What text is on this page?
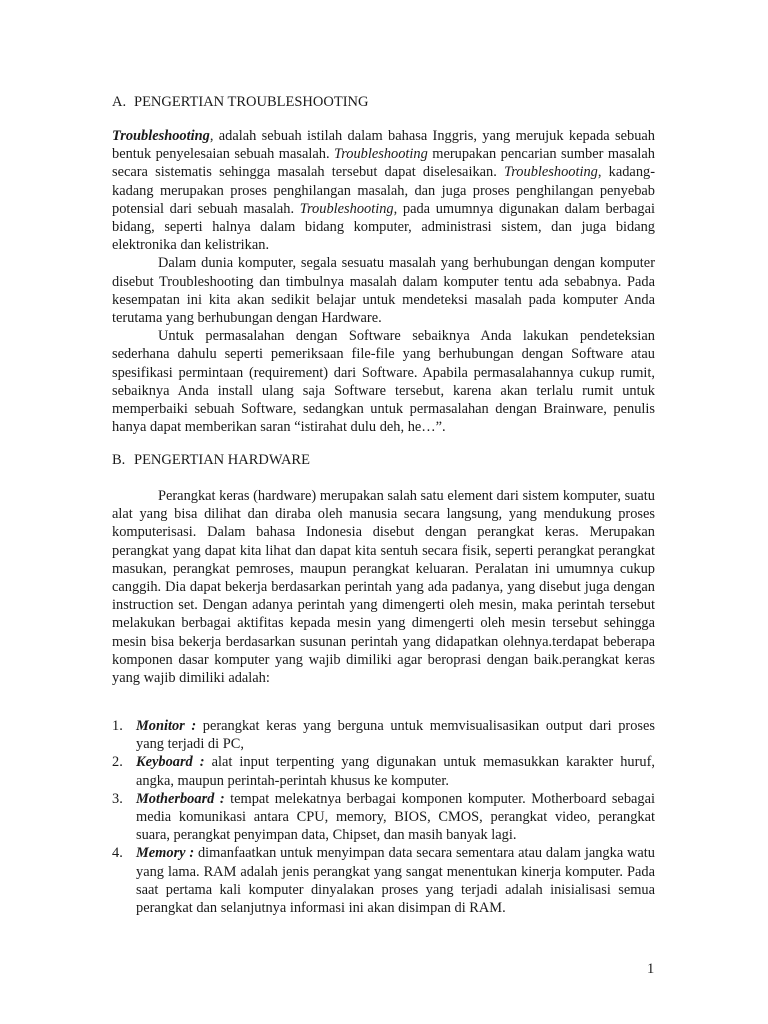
A. PENGERTIAN TROUBLESHOOTING

Troubleshooting, adalah sebuah istilah dalam bahasa Inggris, yang merujuk kepada sebuah bentuk penyelesaian sebuah masalah. Troubleshooting merupakan pencarian sumber masalah secara sistematis sehingga masalah tersebut dapat diselesaikan. Troubleshooting, kadang-kadang merupakan proses penghilangan masalah, dan juga proses penghilangan penyebab potensial dari sebuah masalah. Troubleshooting, pada umumnya digunakan dalam berbagai bidang, seperti halnya dalam bidang komputer, administrasi sistem, dan juga bidang elektronika dan kelistrikan.

Dalam dunia komputer, segala sesuatu masalah yang berhubungan dengan komputer disebut Troubleshooting dan timbulnya masalah dalam komputer tentu ada sebabnya. Pada kesempatan ini kita akan sedikit belajar untuk mendeteksi masalah pada komputer Anda terutama yang berhubungan dengan Hardware.

Untuk permasalahan dengan Software sebaiknya Anda lakukan pendeteksian sederhana dahulu seperti pemeriksaan file-file yang berhubungan dengan Software atau spesifikasi permintaan (requirement) dari Software. Apabila permasalahannya cukup rumit, sebaiknya Anda install ulang saja Software tersebut, karena akan terlalu rumit untuk memperbaiki sebuah Software, sedangkan untuk permasalahan dengan Brainware, penulis hanya dapat memberikan saran “istirahat dulu deh, he…”.

B. PENGERTIAN HARDWARE

Perangkat keras (hardware) merupakan salah satu element dari sistem komputer, suatu alat yang bisa dilihat dan diraba oleh manusia secara langsung, yang mendukung proses komputerisasi. Dalam bahasa Indonesia disebut dengan perangkat keras. Merupakan perangkat yang dapat kita lihat dan dapat kita sentuh secara fisik, seperti perangkat perangkat masukan, perangkat pemroses, maupun perangkat keluaran. Peralatan ini umumnya cukup canggih. Dia dapat bekerja berdasarkan perintah yang ada padanya, yang disebut juga dengan instruction set. Dengan adanya perintah yang dimengerti oleh mesin, maka perintah tersebut melakukan berbagai aktifitas kepada mesin yang dimengerti oleh mesin tersebut sehingga mesin bisa bekerja berdasarkan susunan perintah yang didapatkan olehnya.terdapat beberapa komponen dasar komputer yang wajib dimiliki agar beroprasi dengan baik.perangkat keras yang wajib dimiliki adalah:

1. Monitor : perangkat keras yang berguna untuk memvisualisasikan output dari proses yang terjadi di PC,
2. Keyboard : alat input terpenting yang digunakan untuk memasukkan karakter huruf, angka, maupun perintah-perintah khusus ke komputer.
3. Motherboard : tempat melekatnya berbagai komponen komputer. Motherboard sebagai media komunikasi antara CPU, memory, BIOS, CMOS, perangkat video, perangkat suara, perangkat penyimpan data, Chipset, dan masih banyak lagi.
4. Memory : dimanfaatkan untuk menyimpan data secara sementara atau dalam jangka watu yang lama. RAM adalah jenis perangkat yang sangat menentukan kinerja komputer. Pada saat pertama kali komputer dinyalakan proses yang terjadi adalah inisialisasi semua perangkat dan selanjutnya informasi ini akan disimpan di RAM.
1
